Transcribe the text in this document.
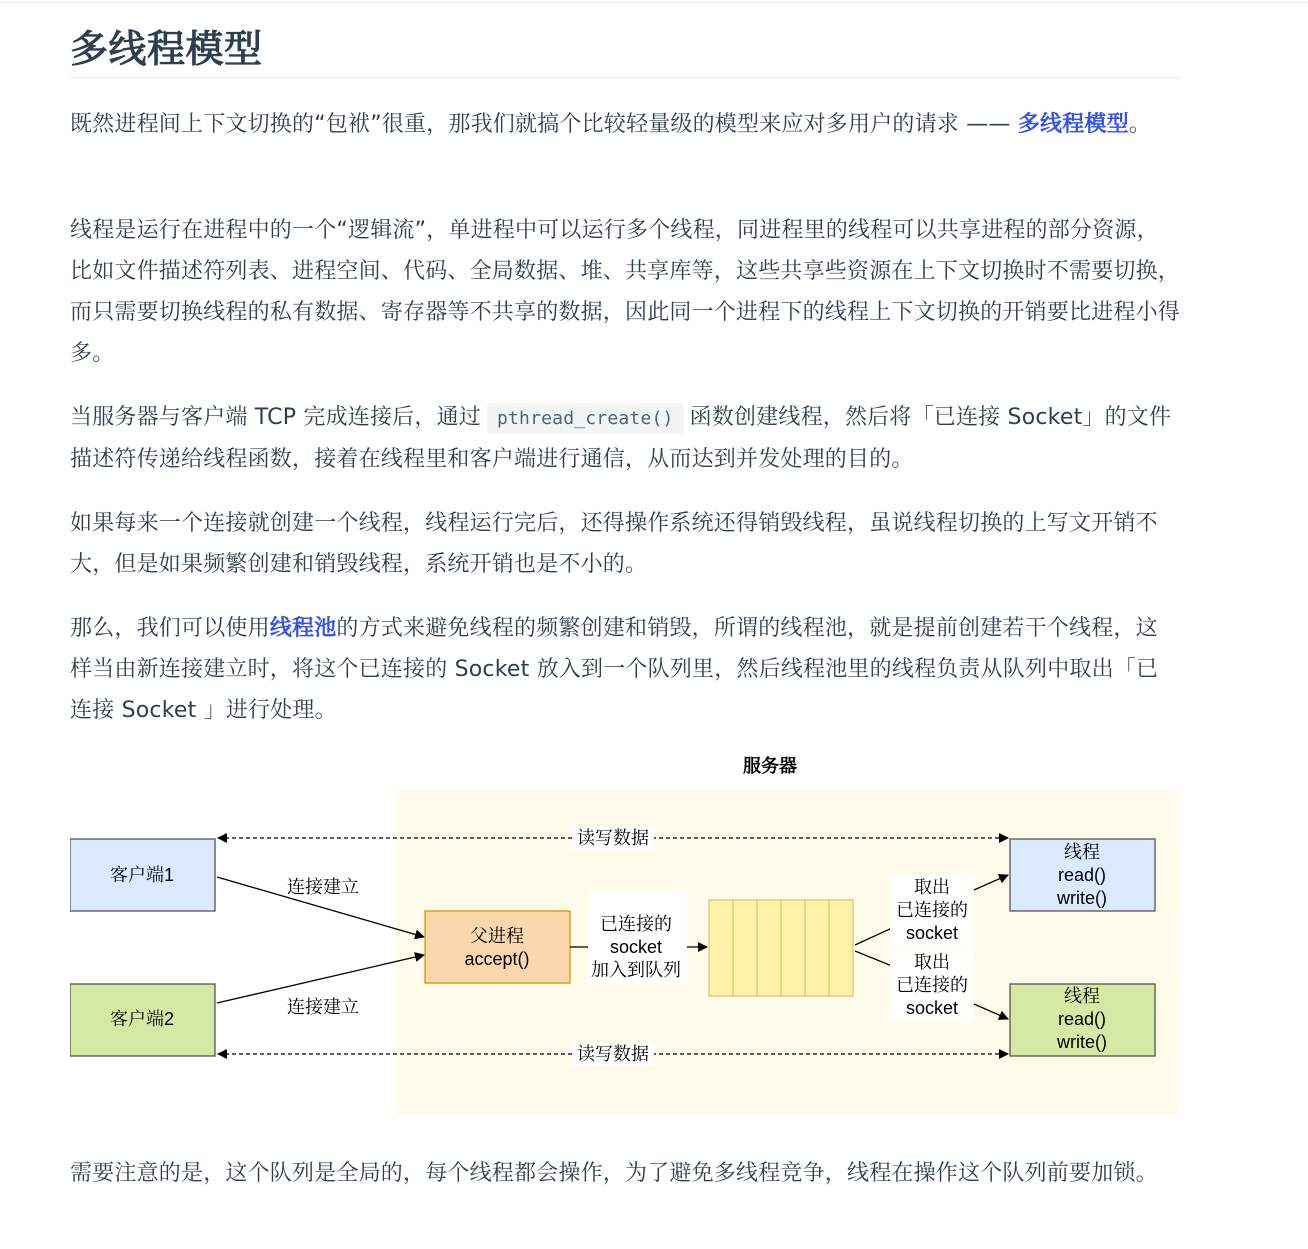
多线程模型

既然进程间上下文切换的“包袱”很重，那我们就搞个比较轻量级的模型来应对多用户的请求 —— 多线程模型。

线程是运行在进程中的一个“逻辑流”，单进程中可以运行多个线程，同进程里的线程可以共享进程的部分资源，比如文件描述符列表、进程空间、代码、全局数据、堆、共享库等，这些共享些资源在上下文切换时不需要切换，而只需要切换线程的私有数据、寄存器等不共享的数据，因此同一个进程下的线程上下文切换的开销要比进程小得多。

当服务器与客户端 TCP 完成连接后，通过 pthread_create() 函数创建线程，然后将「已连接 Socket」的文件描述符传递给线程函数，接着在线程里和客户端进行通信，从而达到并发处理的目的。

如果每来一个连接就创建一个线程，线程运行完后，还得操作系统还得销毁线程，虽说线程切换的上写文开销不大，但是如果频繁创建和销毁线程，系统开销也是不小的。

那么，我们可以使用线程池的方式来避免线程的频繁创建和销毁，所谓的线程池，就是提前创建若干个线程，这样当由新连接建立时，将这个已连接的 Socket 放入到一个队列里，然后线程池里的线程负责从队列中取出「已连接 Socket 」进行处理。

服务器
读写数据
读写数据
客户端1
客户端2
连接建立
连接建立
父进程
accept()
已连接的
socket
加入到队列
取出
已连接的
socket
取出
已连接的
socket
线程
read()
write()
线程
read()
write()

需要注意的是，这个队列是全局的，每个线程都会操作，为了避免多线程竞争，线程在操作这个队列前要加锁。
